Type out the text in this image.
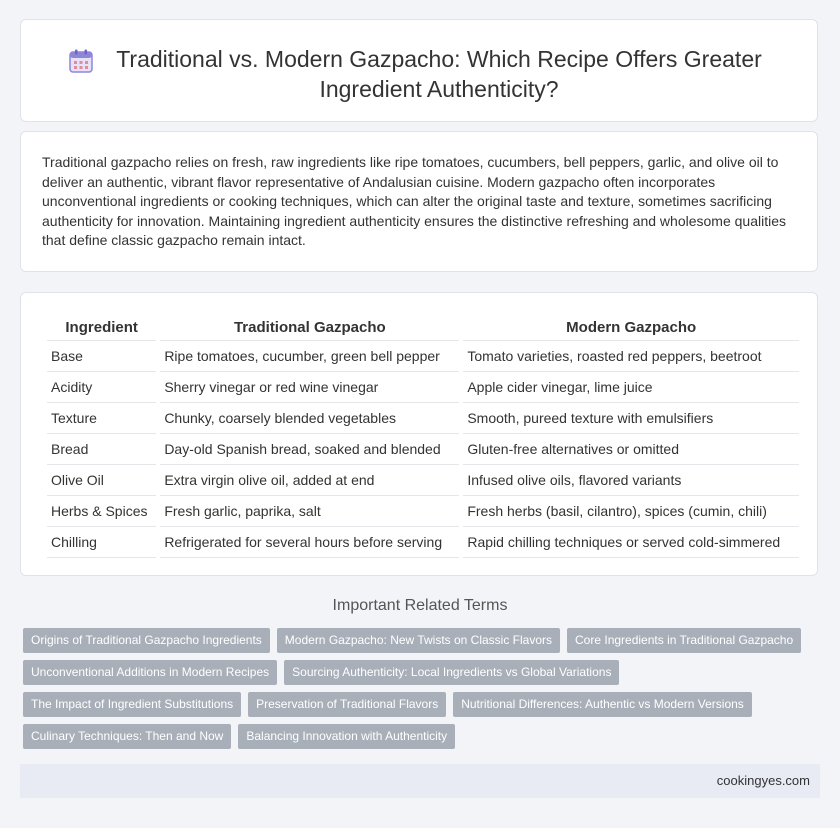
Traditional vs. Modern Gazpacho: Which Recipe Offers Greater Ingredient Authenticity?

Traditional gazpacho relies on fresh, raw ingredients like ripe tomatoes, cucumbers, bell peppers, garlic, and olive oil to deliver an authentic, vibrant flavor representative of Andalusian cuisine. Modern gazpacho often incorporates unconventional ingredients or cooking techniques, which can alter the original taste and texture, sometimes sacrificing authenticity for innovation. Maintaining ingredient authenticity ensures the distinctive refreshing and wholesome qualities that define classic gazpacho remain intact.

Ingredient	Traditional Gazpacho	Modern Gazpacho
Base	Ripe tomatoes, cucumber, green bell pepper	Tomato varieties, roasted red peppers, beetroot
Acidity	Sherry vinegar or red wine vinegar	Apple cider vinegar, lime juice
Texture	Chunky, coarsely blended vegetables	Smooth, pureed texture with emulsifiers
Bread	Day-old Spanish bread, soaked and blended	Gluten-free alternatives or omitted
Olive Oil	Extra virgin olive oil, added at end	Infused olive oils, flavored variants
Herbs & Spices	Fresh garlic, paprika, salt	Fresh herbs (basil, cilantro), spices (cumin, chili)
Chilling	Refrigerated for several hours before serving	Rapid chilling techniques or served cold-simmered
Important Related Terms
Origins of Traditional Gazpacho Ingredients Modern Gazpacho: New Twists on Classic Flavors Core Ingredients in Traditional GazpachoUnconventional Additions in Modern Recipes Sourcing Authenticity: Local Ingredients vs Global VariationsThe Impact of Ingredient Substitutions Preservation of Traditional Flavors Nutritional Differences: Authentic vs Modern VersionsCulinary Techniques: Then and Now Balancing Innovation with Authenticity
cookingyes.com
